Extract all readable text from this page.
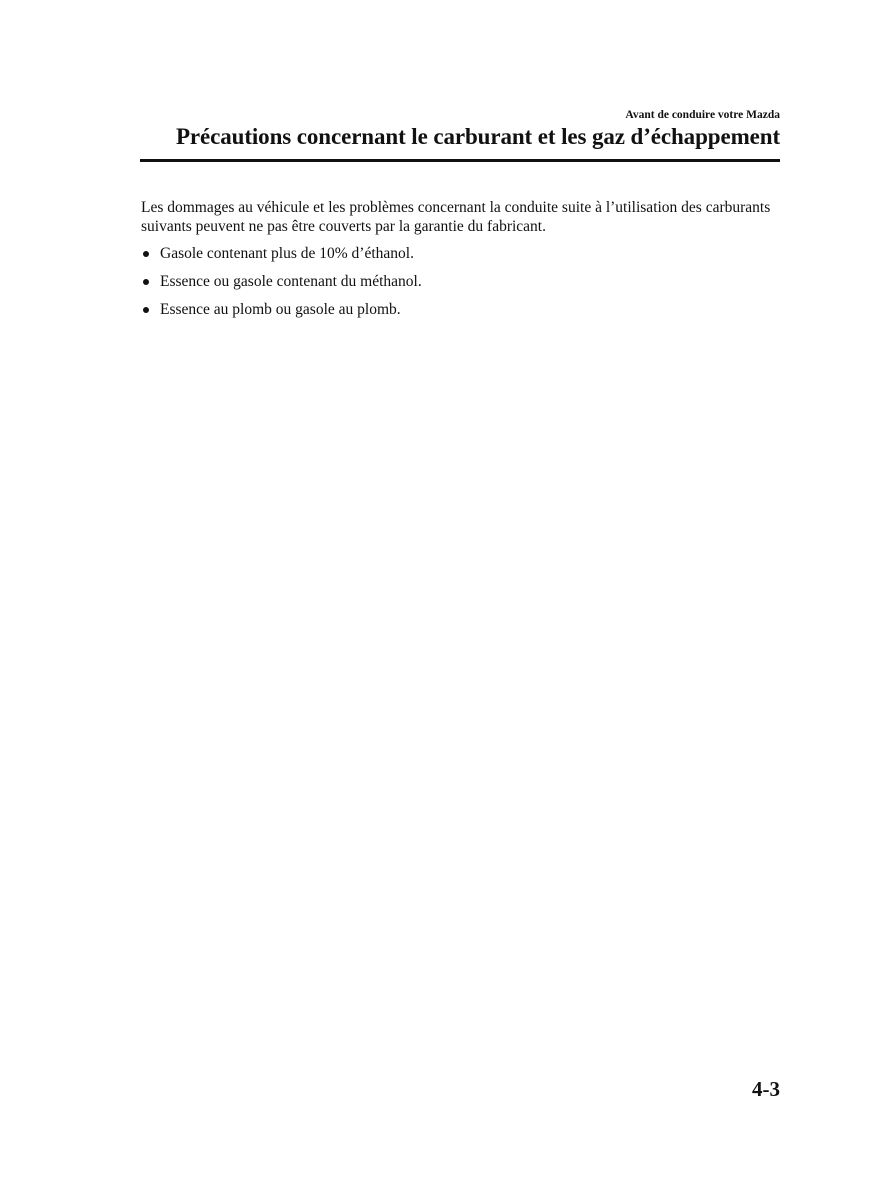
Avant de conduire votre Mazda
Précautions concernant le carburant et les gaz d’échappement

Les dommages au véhicule et les problèmes concernant la conduite suite à l’utilisation des carburants suivants peuvent ne pas être couverts par la garantie du fabricant.

Gasole contenant plus de 10% d’éthanol.
Essence ou gasole contenant du méthanol.
Essence au plomb ou gasole au plomb.
4-3
